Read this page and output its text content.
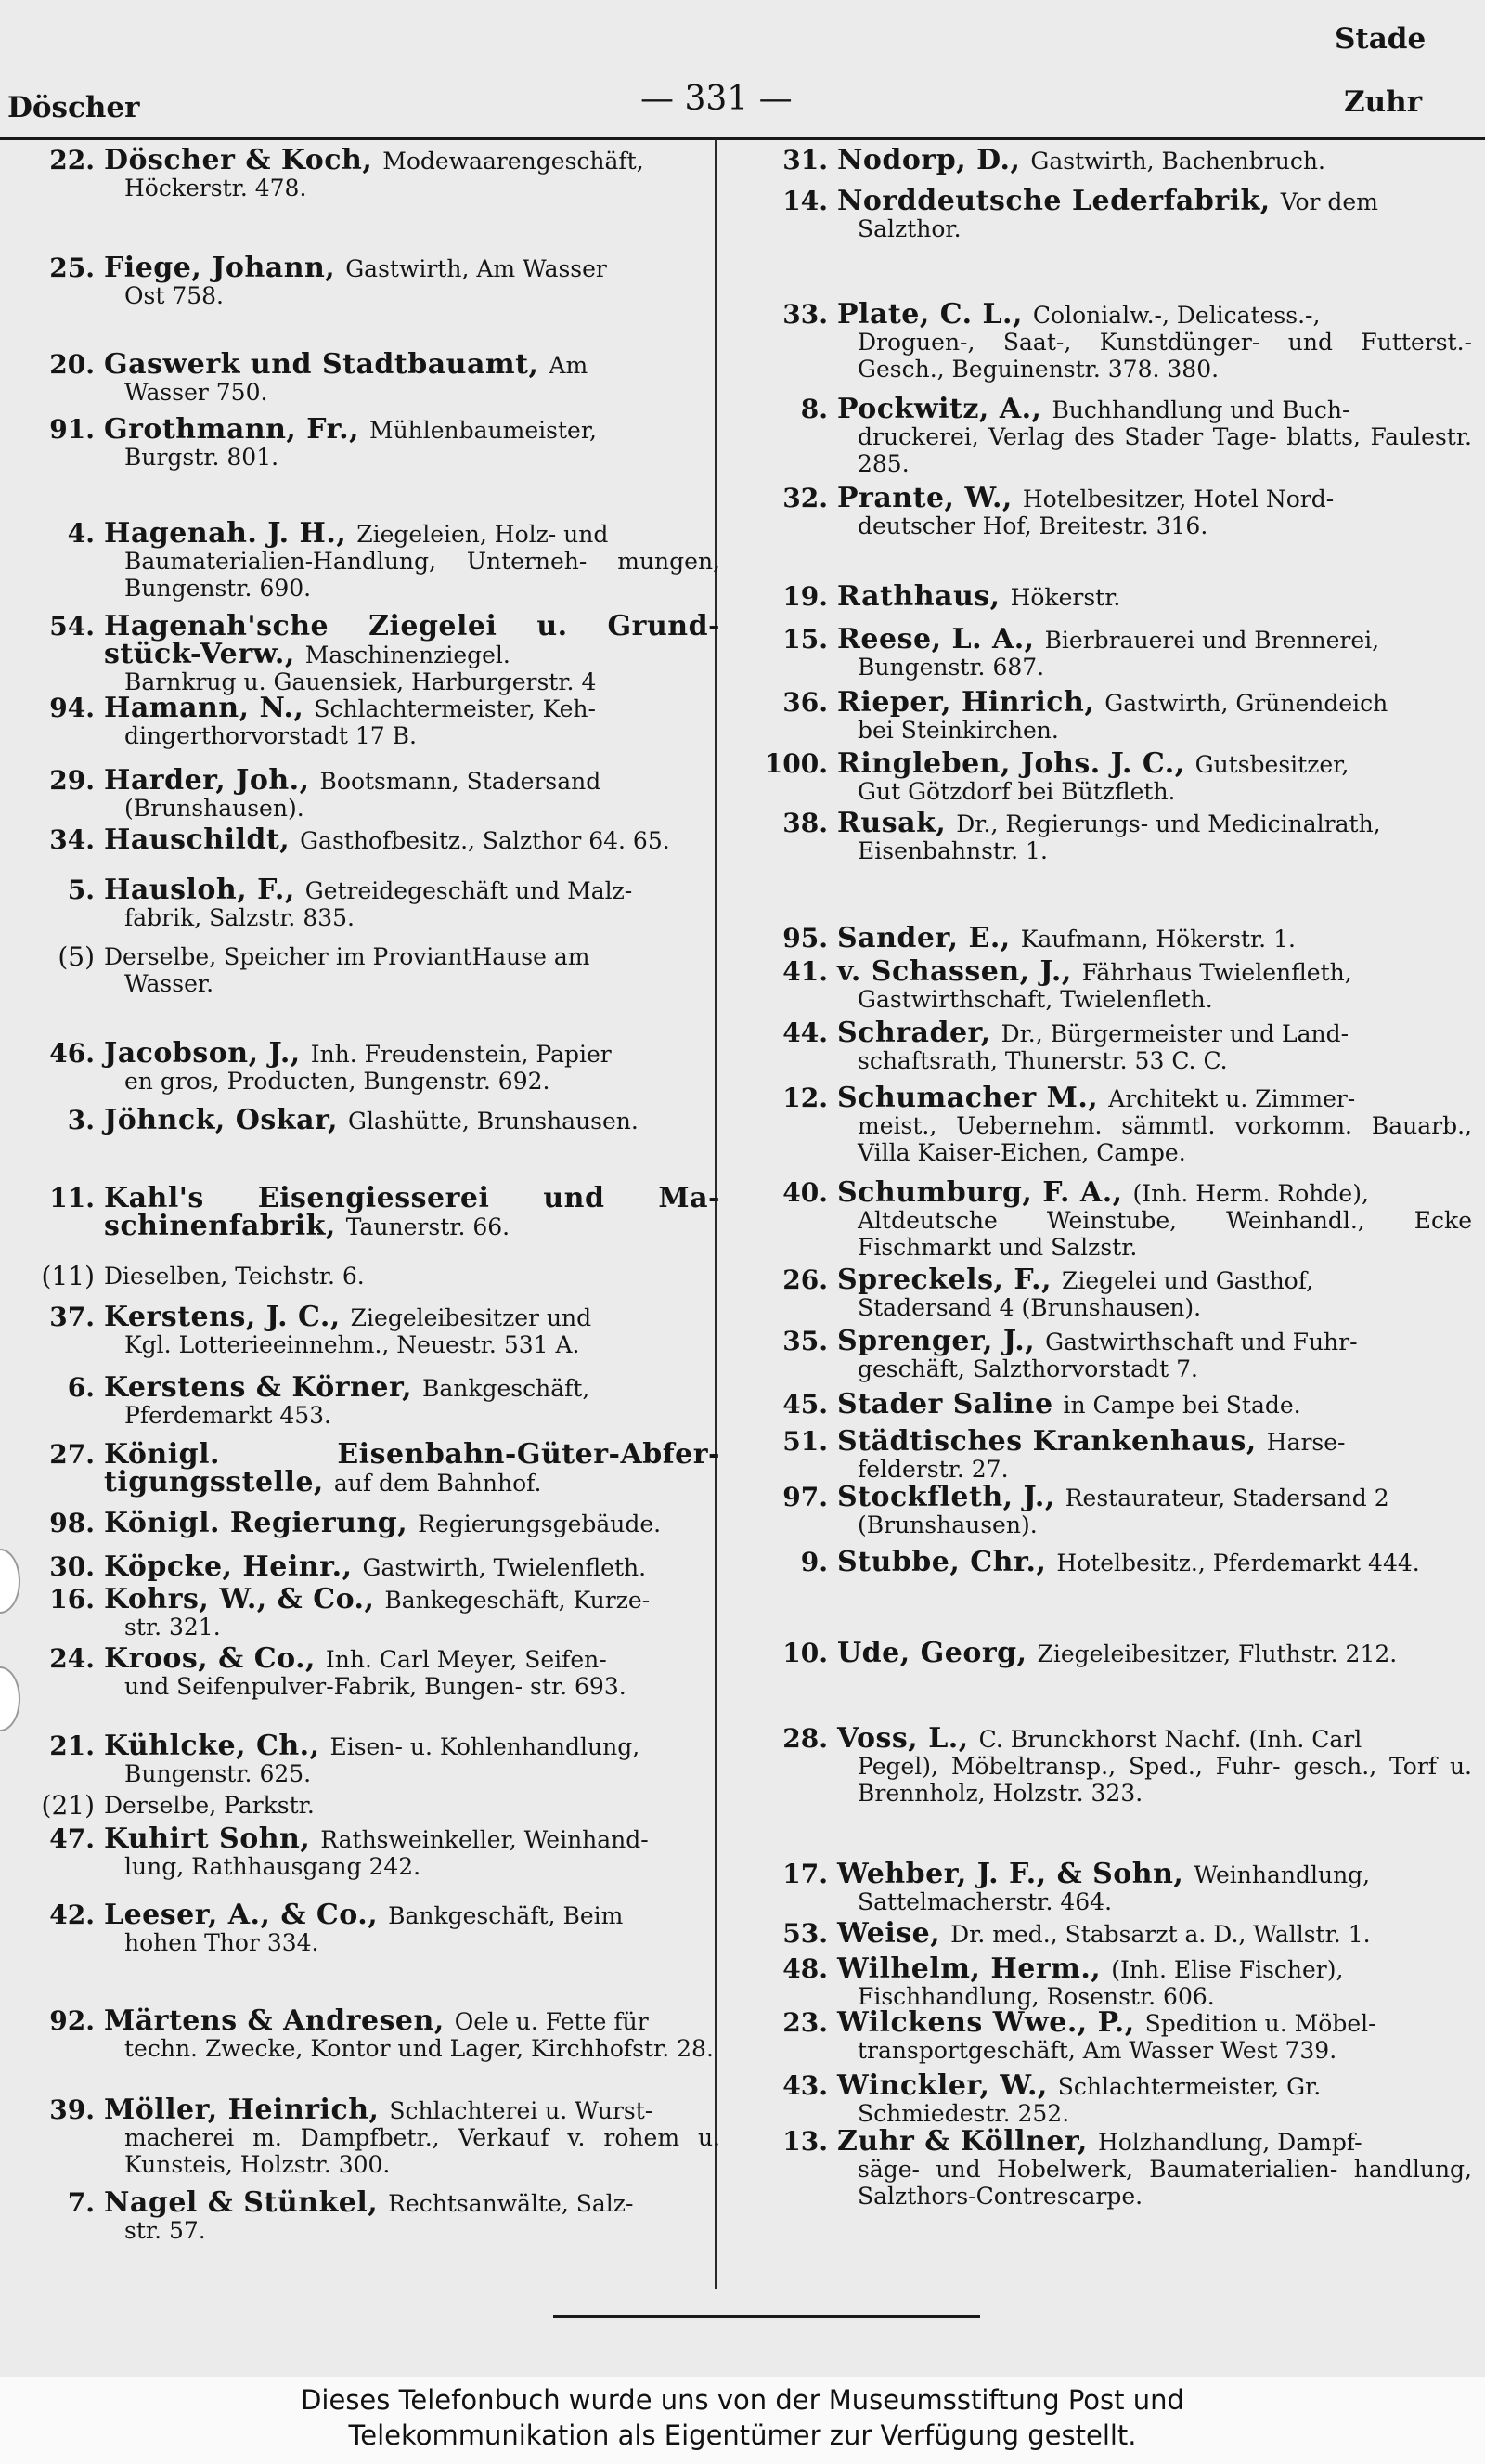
Döscher	— 331 —
Stade
Zuhr
22. Döscher & Koch, Modewaarengeschäft,
Höckerstr. 478.
25. Fiege, Johann, Gastwirth, Am Wasser
Ost 758.
20. Gaswerk und Stadtbauamt, Am
Wasser 750.
91. Grothmann, Fr., Mühlenbaumeister,
Burgstr. 801.
4. Hagenah. J. H., Ziegeleien, Holz- und
Baumaterialien-Handlung, Unterneh- mungen, Bungenstr. 690.
54. Hagenah'sche Ziegelei u. Grund- stück-Verw., Maschinenziegel.
Barnkrug u. Gauensiek, Harburgerstr. 4
94. Hamann, N., Schlachtermeister, Keh-
dingerthorvorstadt 17 B.
29. Harder, Joh., Bootsmann, Stadersand
(Brunshausen).
34. Hauschildt, Gasthofbesitz., Salzthor 64. 65.
5. Hausloh, F., Getreidegeschäft und Malz-
fabrik, Salzstr. 835.
(5) Derselbe, Speicher im ProviantHause am
Wasser.
46. Jacobson, J., Inh. Freudenstein, Papier
en gros, Producten, Bungenstr. 692.
3. Jöhnck, Oskar, Glashütte, Brunshausen.
11. Kahl's Eisengiesserei und Ma- schinenfabrik, Taunerstr. 66.
(11) Dieselben, Teichstr. 6.
37. Kerstens, J. C., Ziegeleibesitzer und
Kgl. Lotterieeinnehm., Neuestr. 531 A.
6. Kerstens & Körner, Bankgeschäft,
Pferdemarkt 453.
27. Königl. Eisenbahn-Güter-Abfer- tigungsstelle, auf dem Bahnhof.
98. Königl. Regierung, Regierungsgebäude.
30. Köpcke, Heinr., Gastwirth, Twielenfleth.
16. Kohrs, W., & Co., Bankegeschäft, Kurze-
str. 321.
24. Kroos, & Co., Inh. Carl Meyer, Seifen-
und Seifenpulver-Fabrik, Bungen- str. 693.
21. Kühlcke, Ch., Eisen- u. Kohlenhandlung,
Bungenstr. 625.
(21) Derselbe, Parkstr.
47. Kuhirt Sohn, Rathsweinkeller, Weinhand-
lung, Rathhausgang 242.
42. Leeser, A., & Co., Bankgeschäft, Beim
hohen Thor 334.
92. Märtens & Andresen, Oele u. Fette für
techn. Zwecke, Kontor und Lager, Kirchhofstr. 28.
39. Möller, Heinrich, Schlachterei u. Wurst-
macherei m. Dampfbetr., Verkauf v. rohem u. Kunsteis, Holzstr. 300.
7. Nagel & Stünkel, Rechtsanwälte, Salz-
str. 57.
31. Nodorp, D., Gastwirth, Bachenbruch.
14. Norddeutsche Lederfabrik, Vor dem
Salzthor.
33. Plate, C. L., Colonialw.-, Delicatess.-,
Droguen-, Saat-, Kunstdünger- und Futterst.-Gesch., Beguinenstr. 378. 380.
8. Pockwitz, A., Buchhandlung und Buch-
druckerei, Verlag des Stader Tage- blatts, Faulestr. 285.
32. Prante, W., Hotelbesitzer, Hotel Nord-
deutscher Hof, Breitestr. 316.
19. Rathhaus, Hökerstr.
15. Reese, L. A., Bierbrauerei und Brennerei,
Bungenstr. 687.
36. Rieper, Hinrich, Gastwirth, Grünendeich
bei Steinkirchen.
100. Ringleben, Johs. J. C., Gutsbesitzer,
Gut Götzdorf bei Bützfleth.
38. Rusak, Dr., Regierungs- und Medicinalrath,
Eisenbahnstr. 1.
95. Sander, E., Kaufmann, Hökerstr. 1.
41. v. Schassen, J., Fährhaus Twielenfleth,
Gastwirthschaft, Twielenfleth.
44. Schrader, Dr., Bürgermeister und Land-
schaftsrath, Thunerstr. 53 C. C.
12. Schumacher M., Architekt u. Zimmer-
meist., Uebernehm. sämmtl. vorkomm. Bauarb., Villa Kaiser-Eichen, Campe.
40. Schumburg, F. A., (Inh. Herm. Rohde),
Altdeutsche Weinstube, Weinhandl., Ecke Fischmarkt und Salzstr.
26. Spreckels, F., Ziegelei und Gasthof,
Stadersand 4 (Brunshausen).
35. Sprenger, J., Gastwirthschaft und Fuhr-
geschäft, Salzthorvorstadt 7.
45. Stader Saline in Campe bei Stade.
51. Städtisches Krankenhaus, Harse-
felderstr. 27.
97. Stockfleth, J., Restaurateur, Stadersand 2
(Brunshausen).
9. Stubbe, Chr., Hotelbesitz., Pferdemarkt 444.
10. Ude, Georg, Ziegeleibesitzer, Fluthstr. 212.
28. Voss, L., C. Brunckhorst Nachf. (Inh. Carl
Pegel), Möbeltransp., Sped., Fuhr- gesch., Torf u. Brennholz, Holzstr. 323.
17. Wehber, J. F., & Sohn, Weinhandlung,
Sattelmacherstr. 464.
53. Weise, Dr. med., Stabsarzt a. D., Wallstr. 1.
48. Wilhelm, Herm., (Inh. Elise Fischer),
Fischhandlung, Rosenstr. 606.
23. Wilckens Wwe., P., Spedition u. Möbel-
transportgeschäft, Am Wasser West 739.
43. Winckler, W., Schlachtermeister, Gr.
Schmiedestr. 252.
13. Zuhr & Köllner, Holzhandlung, Dampf-
säge- und Hobelwerk, Baumaterialien- handlung, Salzthors-Contrescarpe.
Dieses Telefonbuch wurde uns von der Museumsstiftung Post und
Telekommunikation als Eigentümer zur Verfügung gestellt.
